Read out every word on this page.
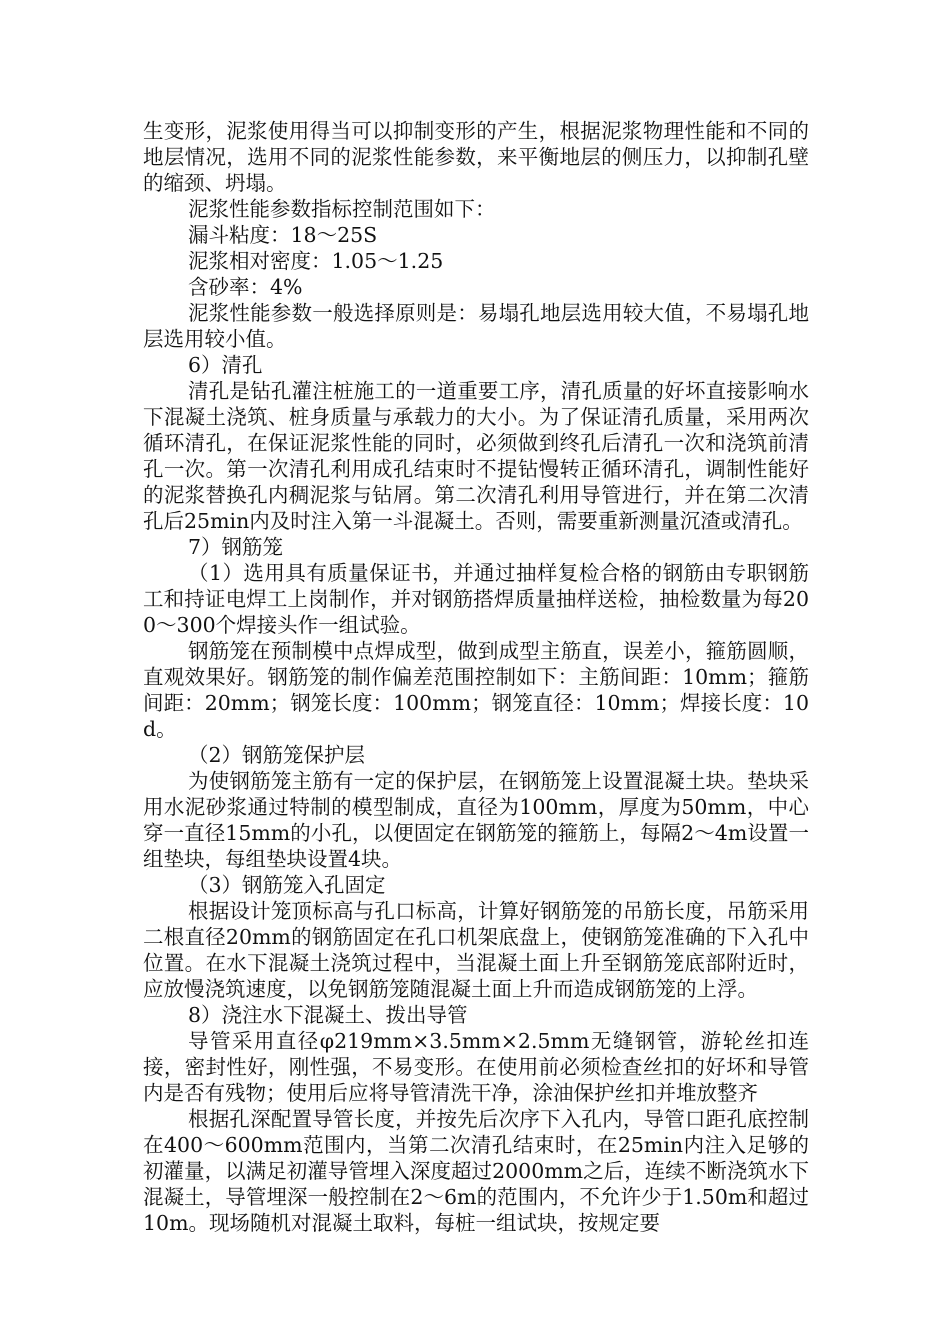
生变形，泥浆使用得当可以抑制变形的产生，根据泥浆物理性能和不同的地层情况，选用不同的泥浆性能参数，来平衡地层的侧压力，以抑制孔壁的缩颈、坍塌。

泥浆性能参数指标控制范围如下：

漏斗粘度：18～25S

泥浆相对密度：1.05～1.25

含砂率：4%

泥浆性能参数一般选择原则是：易塌孔地层选用较大值，不易塌孔地层选用较小值。

6）清孔

清孔是钻孔灌注桩施工的一道重要工序，清孔质量的好坏直接影响水下混凝土浇筑、桩身质量与承载力的大小。为了保证清孔质量，采用两次循环清孔，在保证泥浆性能的同时，必须做到终孔后清孔一次和浇筑前清孔一次。第一次清孔利用成孔结束时不提钻慢转正循环清孔，调制性能好的泥浆替换孔内稠泥浆与钻屑。第二次清孔利用导管进行，并在第二次清孔后25min内及时注入第一斗混凝土。否则，需要重新测量沉渣或清孔。

7）钢筋笼

（1）选用具有质量保证书，并通过抽样复检合格的钢筋由专职钢筋工和持证电焊工上岗制作，并对钢筋搭焊质量抽样送检，抽检数量为每200～300个焊接头作一组试验。

钢筋笼在预制模中点焊成型，做到成型主筋直，误差小，箍筋圆顺，直观效果好。钢筋笼的制作偏差范围控制如下：主筋间距：10mm；箍筋间距：20mm；钢笼长度：100mm；钢笼直径：10mm；焊接长度：10d。

（2）钢筋笼保护层

为使钢筋笼主筋有一定的保护层，在钢筋笼上设置混凝土块。垫块采用水泥砂浆通过特制的模型制成，直径为100mm，厚度为50mm，中心穿一直径15mm的小孔，以便固定在钢筋笼的箍筋上，每隔2～4m设置一组垫块，每组垫块设置4块。

（3）钢筋笼入孔固定

根据设计笼顶标高与孔口标高，计算好钢筋笼的吊筋长度，吊筋采用二根直径20mm的钢筋固定在孔口机架底盘上，使钢筋笼准确的下入孔中位置。在水下混凝土浇筑过程中，当混凝土面上升至钢筋笼底部附近时，应放慢浇筑速度，以免钢筋笼随混凝土面上升而造成钢筋笼的上浮。

8）浇注水下混凝土、拨出导管

导管采用直径φ219mm×3.5mm×2.5mm无缝钢管，游轮丝扣连接，密封性好，刚性强，不易变形。在使用前必须检查丝扣的好坏和导管内是否有残物；使用后应将导管清洗干净，涂油保护丝扣并堆放整齐

根据孔深配置导管长度，并按先后次序下入孔内，导管口距孔底控制在400～600mm范围内，当第二次清孔结束时，在25min内注入足够的初灌量，以满足初灌导管埋入深度超过2000mm之后，连续不断浇筑水下混凝土，导管埋深一般控制在2～6m的范围内，不允许少于1.50m和超过10m。现场随机对混凝土取料，每桩一组试块，按规定要
